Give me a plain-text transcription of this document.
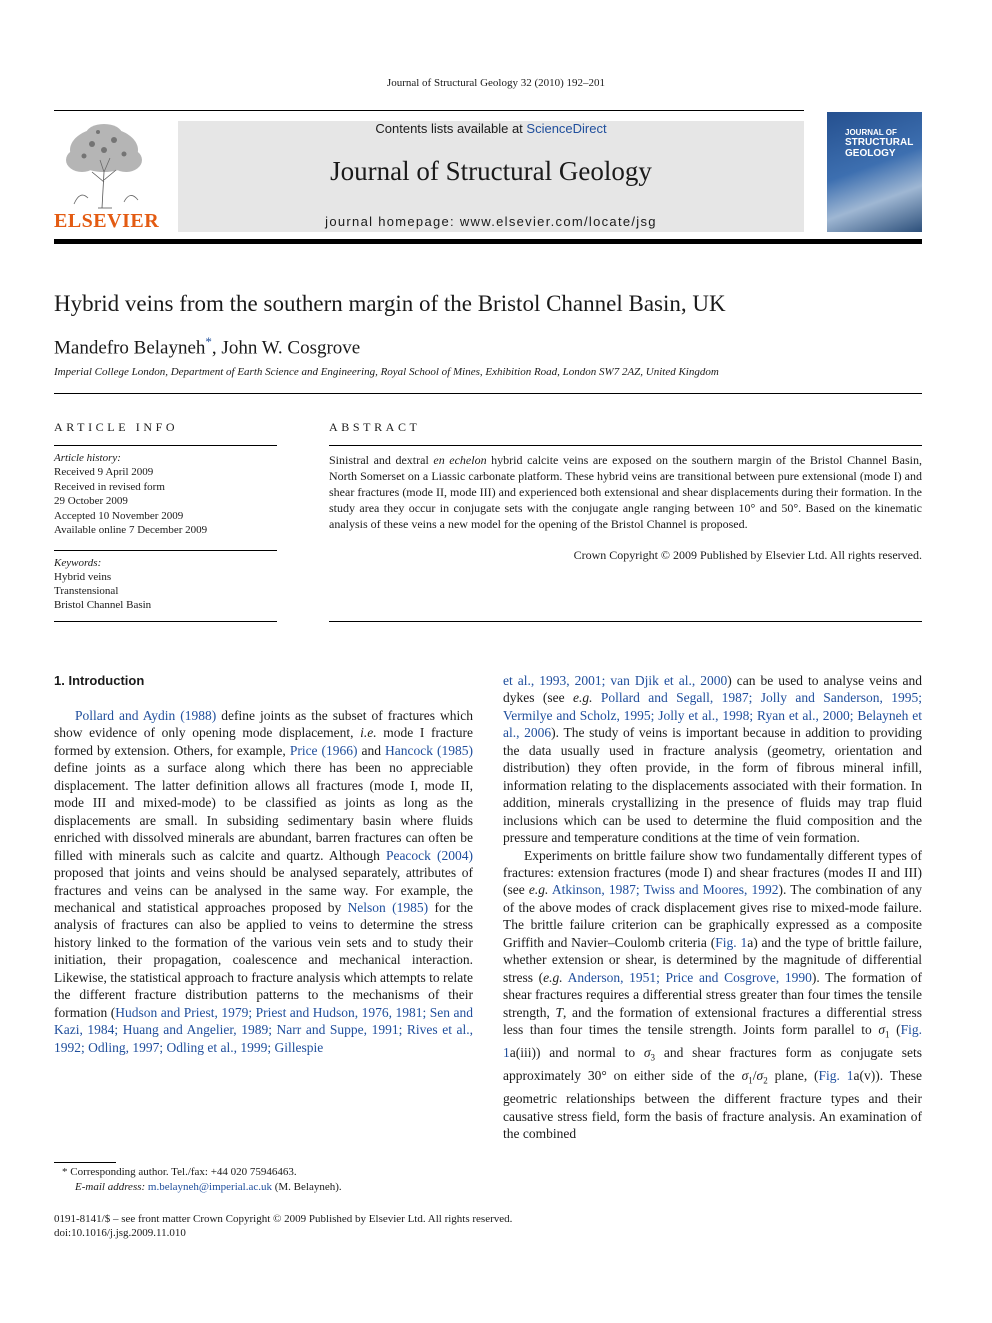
Journal of Structural Geology 32 (2010) 192–201
ELSEVIER
Contents lists available at ScienceDirect
Journal of Structural Geology
journal homepage: www.elsevier.com/locate/jsg
JOURNAL OF
STRUCTURAL
GEOLOGY
Hybrid veins from the southern margin of the Bristol Channel Basin, UK
Mandefro Belayneh*, John W. Cosgrove
Imperial College London, Department of Earth Science and Engineering, Royal School of Mines, Exhibition Road, London SW7 2AZ, United Kingdom
ARTICLE INFO
Article history:
Received 9 April 2009
Received in revised form
29 October 2009
Accepted 10 November 2009
Available online 7 December 2009
Keywords:
Hybrid veins
Transtensional
Bristol Channel Basin
ABSTRACT
Sinistral and dextral en echelon hybrid calcite veins are exposed on the southern margin of the Bristol Channel Basin, North Somerset on a Liassic carbonate platform. These hybrid veins are transitional between pure extensional (mode I) and shear fractures (mode II, mode III) and experienced both extensional and shear displacements during their formation. In the study area they occur in conjugate sets with the conjugate angle ranging between 10° and 50°. Based on the kinematic analysis of these veins a new model for the opening of the Bristol Channel is proposed.
Crown Copyright © 2009 Published by Elsevier Ltd. All rights reserved.
1. Introduction

Pollard and Aydin (1988) define joints as the subset of fractures which show evidence of only opening mode displacement, i.e. mode I fracture formed by extension. Others, for example, Price (1966) and Hancock (1985) define joints as a surface along which there has been no appreciable displacement. The latter definition allows all fractures (mode I, mode II, mode III and mixed-mode) to be classified as joints as long as the displacements are small. In subsiding sedimentary basin where fluids enriched with dissolved minerals are abundant, barren fractures can often be filled with minerals such as calcite and quartz. Although Peacock (2004) proposed that joints and veins should be analysed separately, attributes of fractures and veins can be analysed in the same way. For example, the mechanical and statistical approaches proposed by Nelson (1985) for the analysis of fractures can also be applied to veins to determine the stress history linked to the formation of the various vein sets and to study their initiation, their propagation, coalescence and mechanical interaction. Likewise, the statistical approach to fracture analysis which attempts to relate the different fracture distribution patterns to the mechanisms of their formation (Hudson and Priest, 1979; Priest and Hudson, 1976, 1981; Sen and Kazi, 1984; Huang and Angelier, 1989; Narr and Suppe, 1991; Rives et al., 1992; Odling, 1997; Odling et al., 1999; Gillespie

et al., 1993, 2001; van Djik et al., 2000) can be used to analyse veins and dykes (see e.g. Pollard and Segall, 1987; Jolly and Sanderson, 1995; Vermilye and Scholz, 1995; Jolly et al., 1998; Ryan et al., 2000; Belayneh et al., 2006). The study of veins is important because in addition to providing the data usually used in fracture analysis (geometry, orientation and distribution) they often provide, in the form of fibrous mineral infill, information relating to the displacements associated with their formation. In addition, minerals crystallizing in the presence of fluids may trap fluid inclusions which can be used to determine the fluid composition and the pressure and temperature conditions at the time of vein formation.

Experiments on brittle failure show two fundamentally different types of fractures: extension fractures (mode I) and shear fractures (modes II and III) (see e.g. Atkinson, 1987; Twiss and Moores, 1992). The combination of any of the above modes of crack displacement gives rise to mixed-mode failure. The brittle failure criterion can be graphically expressed as a composite Griffith and Navier–Coulomb criteria (Fig. 1a) and the type of brittle failure, whether extension or shear, is determined by the magnitude of differential stress (e.g. Anderson, 1951; Price and Cosgrove, 1990). The formation of shear fractures requires a differential stress greater than four times the tensile strength, T, and the formation of extensional fractures a differential stress less than four times the tensile strength. Joints form parallel to $\sigma_1$ (Fig. 1a(iii)) and normal to $\sigma_3$ and shear fractures form as conjugate sets approximately 30° on either side of the $\sigma_1/\sigma_2$ plane, (Fig. 1a(v)). These geometric relationships between the different fracture types and their causative stress field, form the basis of fracture analysis. An examination of the combined

* Corresponding author. Tel./fax: +44 020 75946463.
E-mail address: m.belayneh@imperial.ac.uk (M. Belayneh).
0191-8141/$ – see front matter Crown Copyright © 2009 Published by Elsevier Ltd. All rights reserved.
doi:10.1016/j.jsg.2009.11.010
